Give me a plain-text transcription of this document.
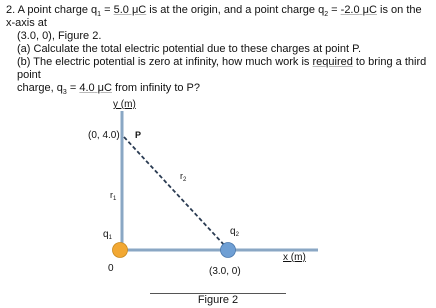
2. A point charge $q_1 = 5.0$ μC is at the origin, and a point charge $q_2 = -2.0$ μC is on the x-axis at

(3.0, 0), Figure 2.

(a) Calculate the total electric potential due to these charges at point P.

(b) The electric potential is zero at infinity, how much work is required to bring a third point

charge, $q_3 = 4.0$ μC from infinity to P?

y (m)
(0, 4.0) P
$r_2$
$r_1$
$q_1$
$q_2$
x (m)
0	(3.0, 0)
Figure 2
